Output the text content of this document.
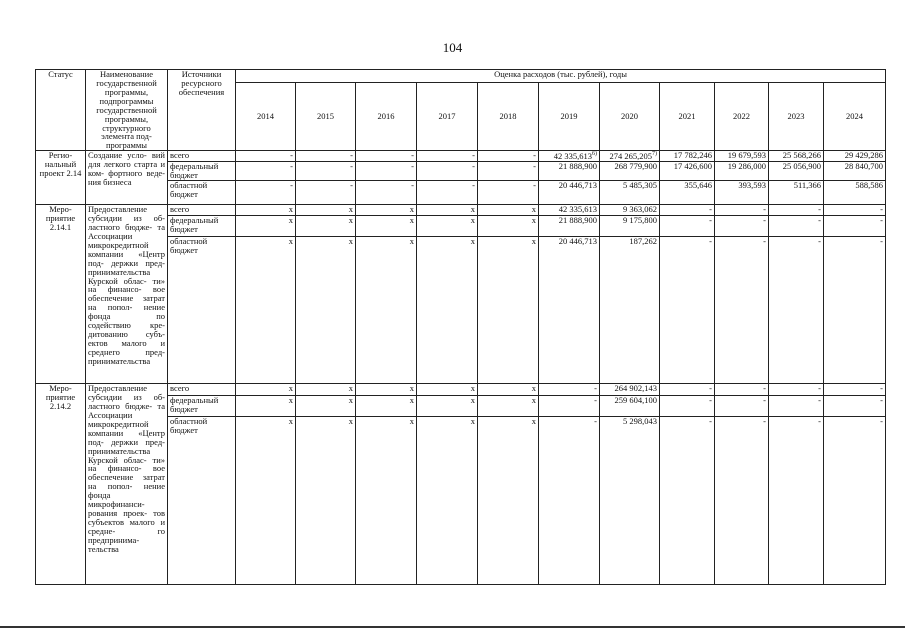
104
Статус	Наименование государственной программы, подпрограммы государственной программы, структурного элемента под- программы	Источники ресурсного обеспечения	Оценка расходов (тыс. рублей), годы										
			2014	2015	2016	2017	2018	2019	2020	2021	2022	2023	2024
Регио- нальный проект 2.14	Создание усло- вий для легкого старта и ком- фортного веде- ния бизнеса	всего	-	-	-	-	-	42 335,613$^{6)}$	274 265,205$^{7)}$	17 782,246	19 679,593	25 568,266	29 429,286
		федеральный бюджет	-	-	-	-	-	21 888,900	268 779,900	17 426,600	19 286,000	25 056,900	28 840,700
		областной бюджет	-	-	-	-	-	20 446,713	5 485,305	355,646	393,593	511,366	588,586
Меро- приятие 2.14.1	Предоставление субсидии из об- ластного бюдже- та Ассоциации микрокредитной компании «Центр под- держки пред- принимательства Курской облас- ти» на финансо- вое обеспечение затрат на попол- нение фонда по содействию кре- дитованию субъ- ектов малого и среднего пред- принимательства	всего	x	x	x	x	x	42 335,613	9 363,062	-	-	-	-
		федеральный бюджет	x	x	x	x	x	21 888,900	9 175,800	-	-	-	-
		областной бюджет	x	x	x	x	x	20 446,713	187,262	-	-	-	-
Меро- приятие 2.14.2	Предоставление субсидии из об- ластного бюдже- та Ассоциации микрокредитной компании «Центр под- держки пред- принимательства Курской облас- ти» на финансо- вое обеспечение затрат на попол- нение фонда микрофинанси- рования проек- тов субъектов малого и средне- го предпринима- тельства	всего	x	x	x	x	x	-	264 902,143	-	-	-	-
		федеральный бюджет	x	x	x	x	x	-	259 604,100	-	-	-	-
		областной бюджет	x	x	x	x	x	-	5 298,043	-	-	-	-
